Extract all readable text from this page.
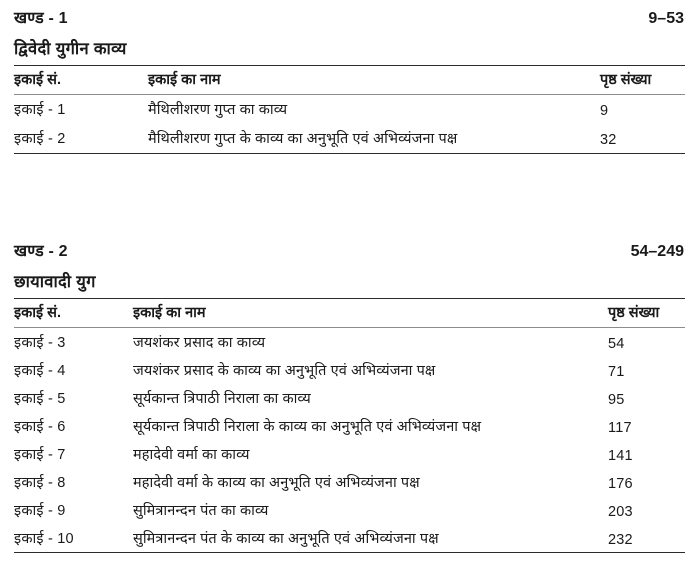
खण्ड - 1	9–53
द्विवेदी युगीन काव्य
इकाई सं.	इकाई का नाम	पृष्ठ संख्या
इकाई - 1	मैथिलीशरण गुप्त का काव्य	9
इकाई - 2	मैथिलीशरण गुप्त के काव्य का अनुभूति एवं अभिव्यंजना पक्ष	32
खण्ड - 2	54–249
छायावादी युग
इकाई सं.	इकाई का नाम	पृष्ठ संख्या
इकाई - 3	जयशंकर प्रसाद का काव्य	54
इकाई - 4	जयशंकर प्रसाद के काव्य का अनुभूति एवं अभिव्यंजना पक्ष	71
इकाई - 5	सूर्यकान्त त्रिपाठी निराला का काव्य	95
इकाई - 6	सूर्यकान्त त्रिपाठी निराला के काव्य का अनुभूति एवं अभिव्यंजना पक्ष	117
इकाई - 7	महादेवी वर्मा का काव्य	141
इकाई - 8	महादेवी वर्मा के काव्य का अनुभूति एवं अभिव्यंजना पक्ष	176
इकाई - 9	सुमित्रानन्दन पंत का काव्य	203
इकाई - 10	सुमित्रानन्दन पंत के काव्य का अनुभूति एवं अभिव्यंजना पक्ष	232
